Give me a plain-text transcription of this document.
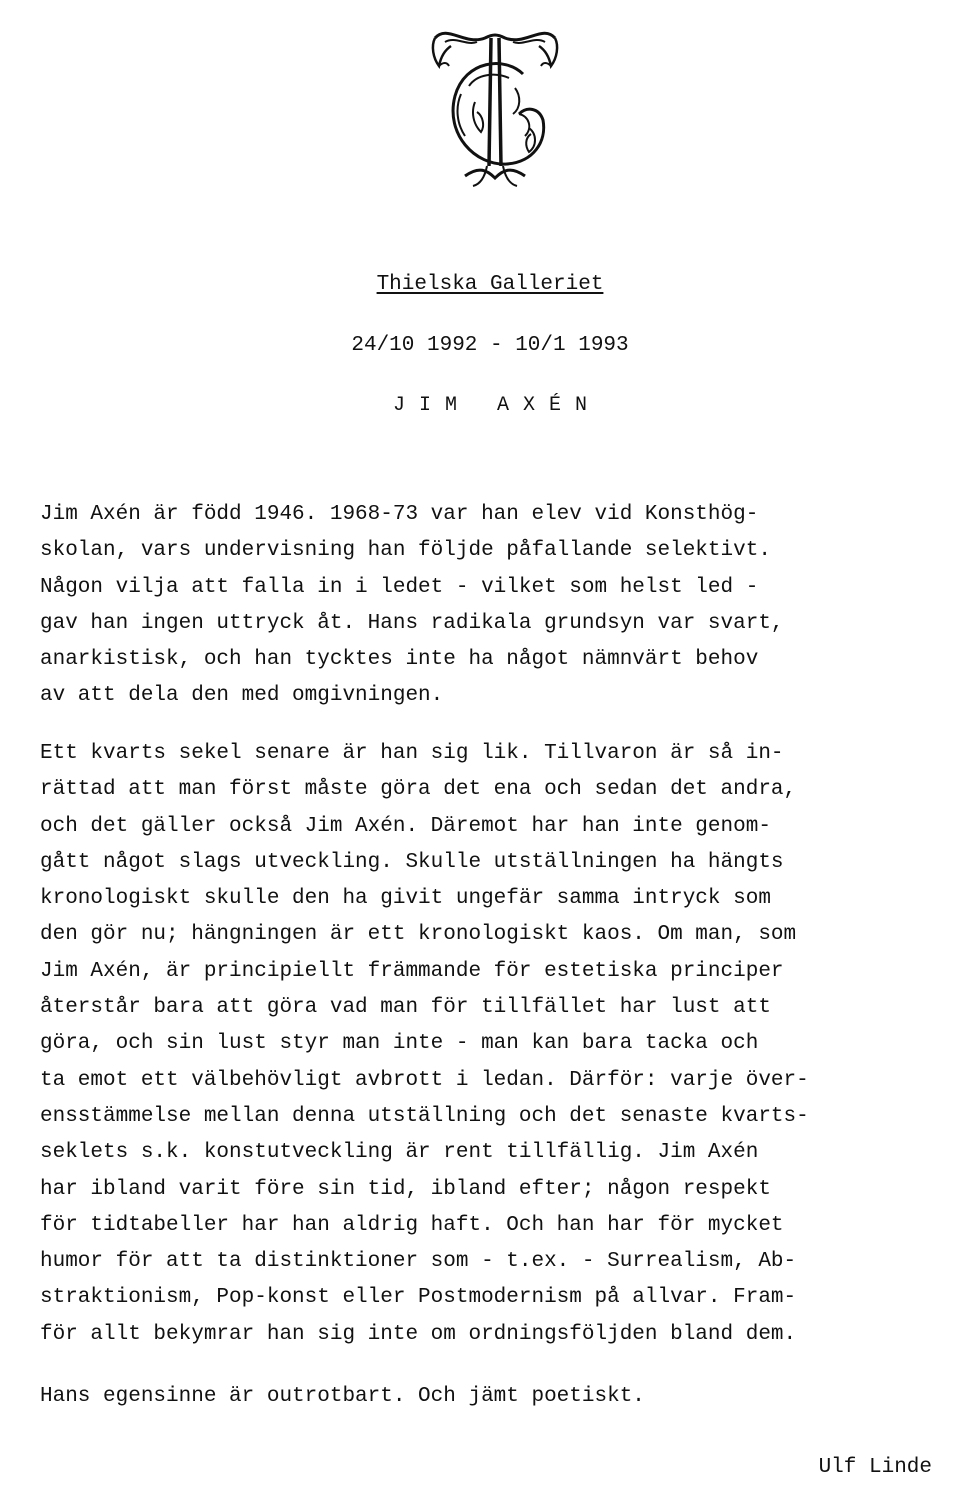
Thielska Galleriet
24/10 1992 - 10/1 1993
JIM AXÉN
Jim Axén är född 1946. 1968-73 var han elev vid Konsthög-
skolan, vars undervisning han följde påfallande selektivt.
Någon vilja att falla in i ledet - vilket som helst led -
gav han ingen uttryck åt. Hans radikala grundsyn var svart,
anarkistisk, och han tycktes inte ha något nämnvärt behov
av att dela den med omgivningen.
Ett kvarts sekel senare är han sig lik. Tillvaron är så in-
rättad att man först måste göra det ena och sedan det andra,
och det gäller också Jim Axén. Däremot har han inte genom-
gått något slags utveckling. Skulle utställningen ha hängts
kronologiskt skulle den ha givit ungefär samma intryck som
den gör nu; hängningen är ett kronologiskt kaos. Om man, som
Jim Axén, är principiellt främmande för estetiska principer
återstår bara att göra vad man för tillfället har lust att
göra, och sin lust styr man inte - man kan bara tacka och
ta emot ett välbehövligt avbrott i ledan. Därför: varje över-
ensstämmelse mellan denna utställning och det senaste kvarts-
seklets s.k. konstutveckling är rent tillfällig. Jim Axén
har ibland varit före sin tid, ibland efter; någon respekt
för tidtabeller har han aldrig haft. Och han har för mycket
humor för att ta distinktioner som - t.ex. - Surrealism, Ab-
straktionism, Pop-konst eller Postmodernism på allvar. Fram-
för allt bekymrar han sig inte om ordningsföljden bland dem.
Hans egensinne är outrotbart. Och jämt poetiskt.
Ulf Linde
